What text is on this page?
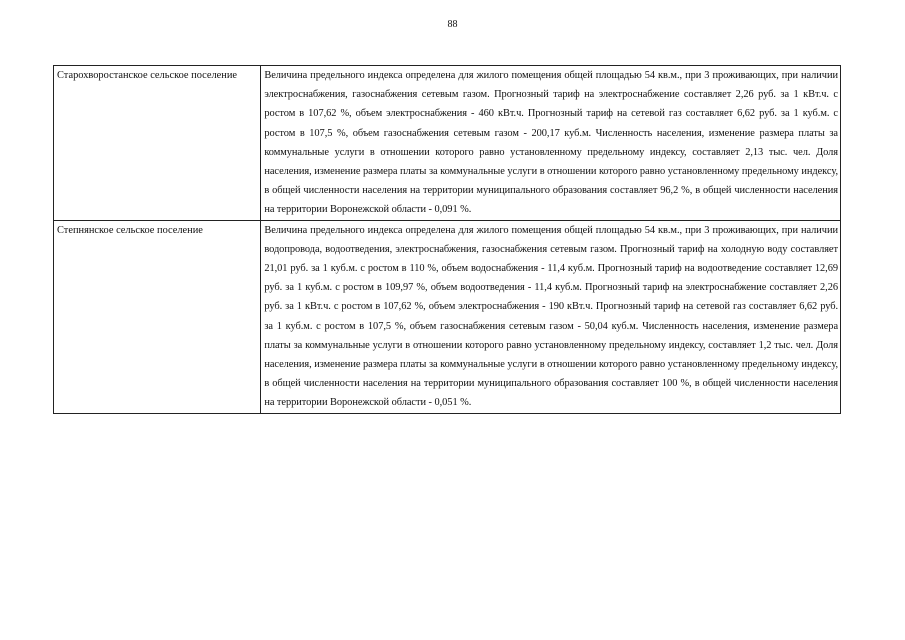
88
Старохворостанское сельское поселение	Величина предельного индекса определена для жилого помещения общей площадью 54 кв.м., при 3 проживающих, при наличии электроснабжения, газоснабжения сетевым газом. Прогнозный тариф на электроснабжение составляет 2,26 руб. за 1 кВт.ч. с ростом в 107,62 %, объем электроснабжения - 460 кВт.ч. Прогнозный тариф на сетевой газ составляет 6,62 руб. за 1 куб.м. с ростом в 107,5 %, объем газоснабжения сетевым газом - 200,17 куб.м. Численность населения, изменение размера платы за коммунальные услуги в отношении которого равно установленному предельному индексу, составляет 2,13 тыс. чел. Доля населения, изменение размера платы за коммунальные услуги в отношении которого равно установленному предельному индексу, в общей численности населения на территории муниципального образования составляет 96,2 %, в общей численности населения на территории Воронежской области - 0,091 %.
Степнянское сельское поселение	Величина предельного индекса определена для жилого помещения общей площадью 54 кв.м., при 3 проживающих, при наличии водопровода, водоотведения, электроснабжения, газоснабжения сетевым газом. Прогнозный тариф на холодную воду составляет 21,01 руб. за 1 куб.м. с ростом в 110 %, объем водоснабжения - 11,4 куб.м. Прогнозный тариф на водоотведение составляет 12,69 руб. за 1 куб.м. с ростом в 109,97 %, объем водоотведения - 11,4 куб.м. Прогнозный тариф на электроснабжение составляет 2,26 руб. за 1 кВт.ч. с ростом в 107,62 %, объем электроснабжения - 190 кВт.ч. Прогнозный тариф на сетевой газ составляет 6,62 руб. за 1 куб.м. с ростом в 107,5 %, объем газоснабжения сетевым газом - 50,04 куб.м. Численность населения, изменение размера платы за коммунальные услуги в отношении которого равно установленному предельному индексу, составляет 1,2 тыс. чел. Доля населения, изменение размера платы за коммунальные услуги в отношении которого равно установленному предельному индексу, в общей численности населения на территории муниципального образования составляет 100 %, в общей численности населения на территории Воронежской области - 0,051 %.
